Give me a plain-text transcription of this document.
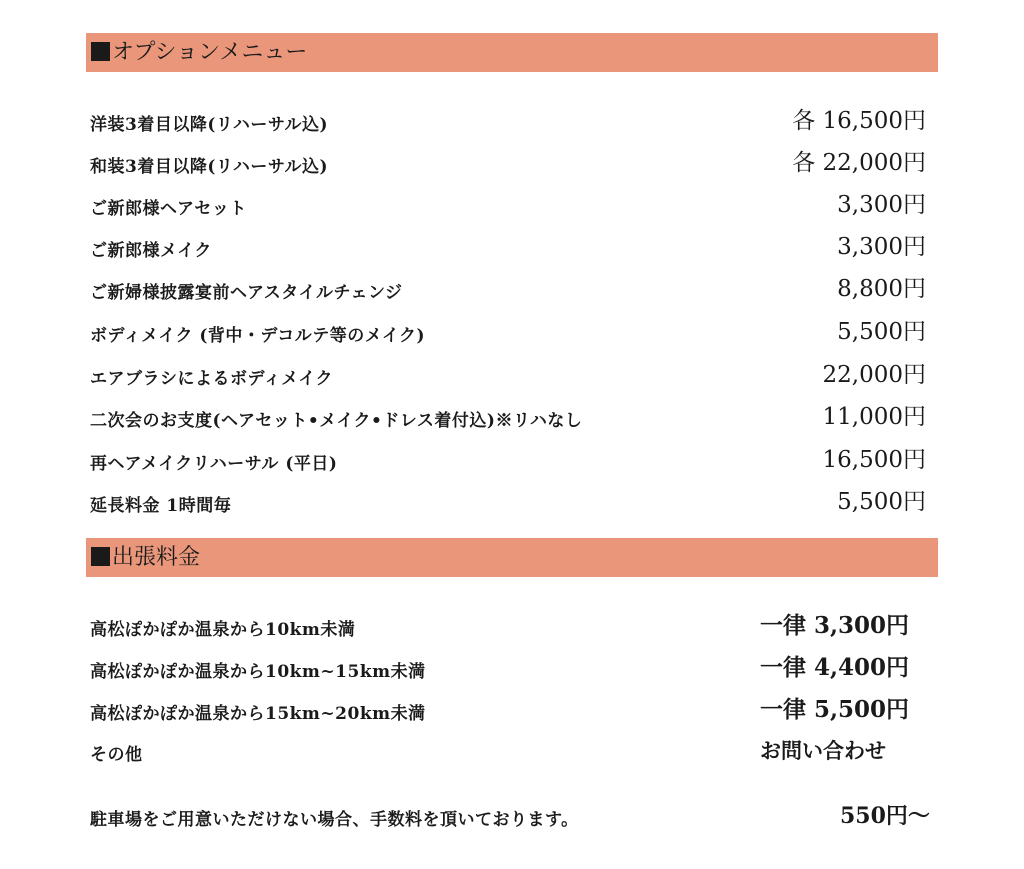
オプションメニュー
洋装3着目以降(リハーサル込)	各 16,500円
和装3着目以降(リハーサル込)	各 22,000円
ご新郎様ヘアセット	3,300円
ご新郎様メイク	3,300円
ご新婦様披露宴前ヘアスタイルチェンジ	8,800円
ボディメイク (背中・デコルテ等のメイク)	5,500円
エアブラシによるボディメイク	22,000円
二次会のお支度(ヘアセット•メイク•ドレス着付込)※リハなし	11,000円
再ヘアメイクリハーサル (平日)	16,500円
延長料金 1時間毎	5,500円
出張料金
高松ぽかぽか温泉から10km未満	一律 3,300円
高松ぽかぽか温泉から10km~15km未満	一律 4,400円
高松ぽかぽか温泉から15km~20km未満	一律 5,500円
その他	お問い合わせ
駐車場をご用意いただけない場合、手数料を頂いております。	550円〜
